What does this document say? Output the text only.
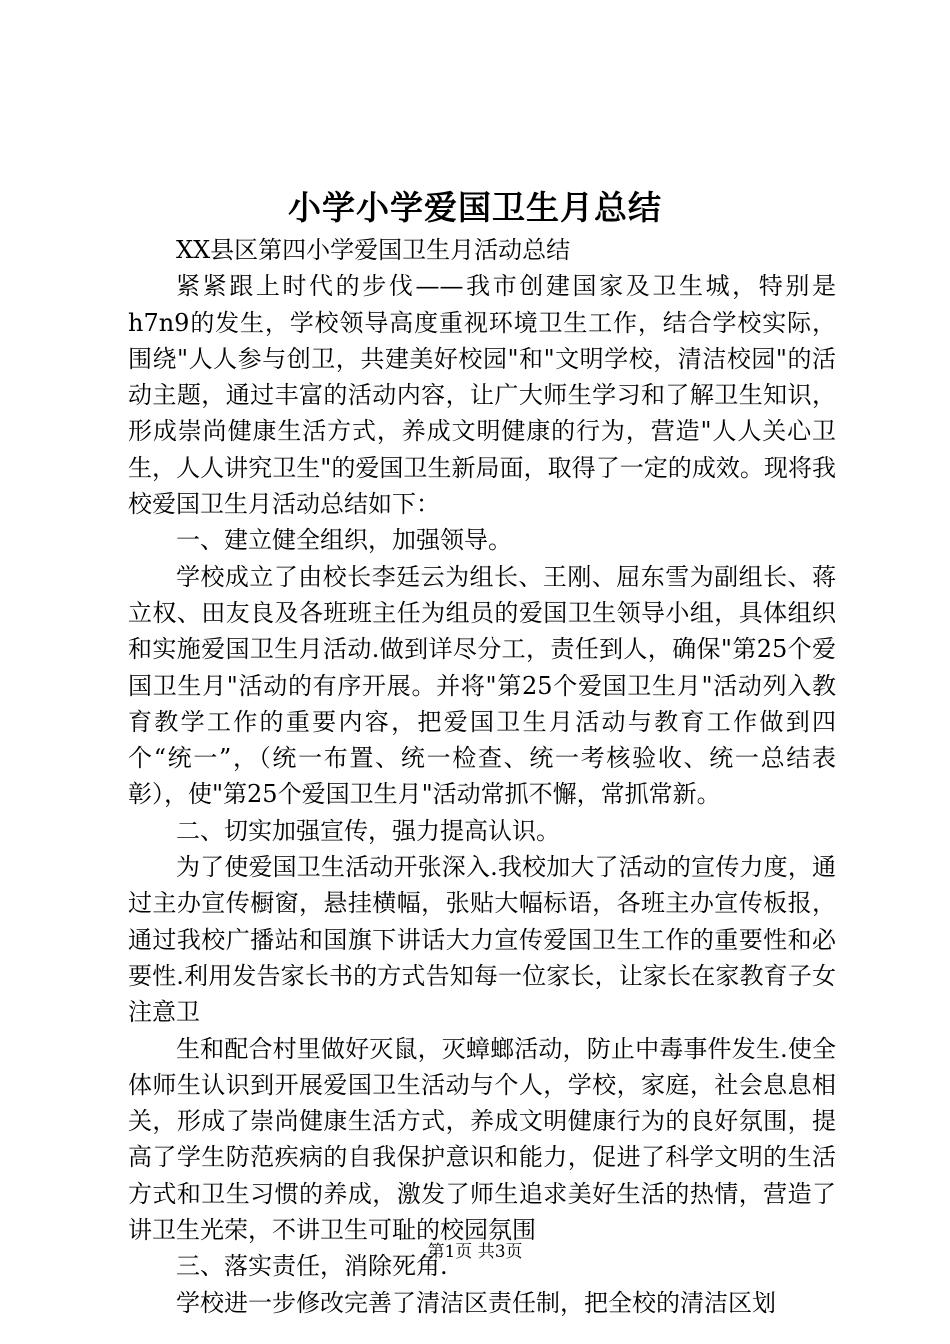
小学小学爱国卫生月总结

XX县区第四小学爱国卫生月活动总结

紧紧跟上时代的步伐——我市创建国家及卫生城，特别是h7n9的发生，学校领导高度重视环境卫生工作，结合学校实际，围绕"人人参与创卫，共建美好校园"和"文明学校，清洁校园"的活动主题，通过丰富的活动内容，让广大师生学习和了解卫生知识，形成崇尚健康生活方式，养成文明健康的行为，营造"人人关心卫生，人人讲究卫生"的爱国卫生新局面，取得了一定的成效。现将我校爱国卫生月活动总结如下：

一、建立健全组织，加强领导。

学校成立了由校长李廷云为组长、王刚、屈东雪为副组长、蒋立权、田友良及各班班主任为组员的爱国卫生领导小组，具体组织和实施爱国卫生月活动.做到详尽分工，责任到人，确保"第25个爱国卫生月"活动的有序开展。并将"第25个爱国卫生月"活动列入教育教学工作的重要内容，把爱国卫生月活动与教育工作做到四个“统一”，（统一布置、统一检查、统一考核验收、统一总结表彰），使"第25个爱国卫生月"活动常抓不懈，常抓常新。

二、切实加强宣传，强力提高认识。

为了使爱国卫生活动开张深入.我校加大了活动的宣传力度，通过主办宣传橱窗，悬挂横幅，张贴大幅标语，各班主办宣传板报，通过我校广播站和国旗下讲话大力宣传爱国卫生工作的重要性和必要性.利用发告家长书的方式告知每一位家长，让家长在家教育子女注意卫

生和配合村里做好灭鼠，灭蟑螂活动，防止中毒事件发生.使全体师生认识到开展爱国卫生活动与个人，学校，家庭，社会息息相关，形成了崇尚健康生活方式，养成文明健康行为的良好氛围，提高了学生防范疾病的自我保护意识和能力，促进了科学文明的生活方式和卫生习惯的养成，激发了师生追求美好生活的热情，营造了讲卫生光荣，不讲卫生可耻的校园氛围

三、落实责任，消除死角.

学校进一步修改完善了清洁区责任制，把全校的清洁区划

第1页 共3页
